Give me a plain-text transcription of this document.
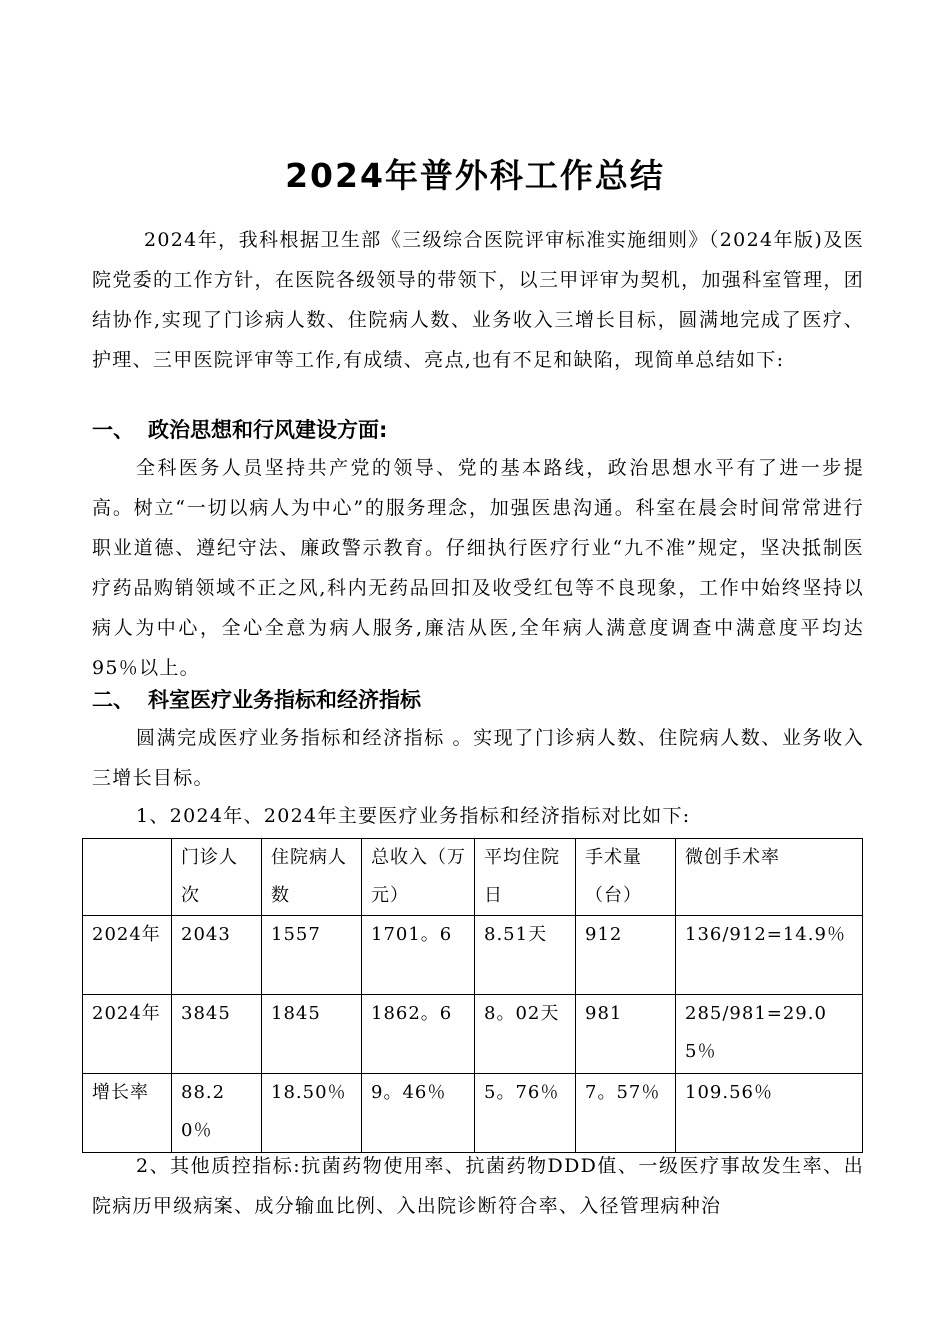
2024年普外科工作总结

2024年，我科根据卫生部《三级综合医院评审标准实施细则》（2024年版)及医院党委的工作方针，在医院各级领导的带领下，以三甲评审为契机，加强科室管理，团结协作,实现了门诊病人数、住院病人数、业务收入三增长目标，圆满地完成了医疗、护理、三甲医院评审等工作,有成绩、亮点,也有不足和缺陷，现简单总结如下:

一、 政治思想和行风建设方面:

全科医务人员坚持共产党的领导、党的基本路线，政治思想水平有了进一步提高。树立“一切以病人为中心”的服务理念，加强医患沟通。科室在晨会时间常常进行职业道德、遵纪守法、廉政警示教育。仔细执行医疗行业“九不准”规定，坚决抵制医疗药品购销领域不正之风,科内无药品回扣及收受红包等不良现象，工作中始终坚持以病人为中心，全心全意为病人服务,廉洁从医,全年病人满意度调查中满意度平均达95％以上。

二、 科室医疗业务指标和经济指标

圆满完成医疗业务指标和经济指标 。实现了门诊病人数、住院病人数、业务收入三增长目标。

1、2024年、2024年主要医疗业务指标和经济指标对比如下:

	门诊人次	住院病人数	总收入（万元）	平均住院日	手术量（台）	微创手术率
2024年	2043	1557	1701。6	8.51天	912	136/912=14.9％
2024年	3845	1845	1862。6	8。02天	981	285/981=29.05％
增长率	88.20％	18.50％	9。46％	5。76％	7。57％	109.56％

2、其他质控指标:抗菌药物使用率、抗菌药物DDD值、一级医疗事故发生率、出院病历甲级病案、成分输血比例、入出院诊断符合率、入径管理病种治
